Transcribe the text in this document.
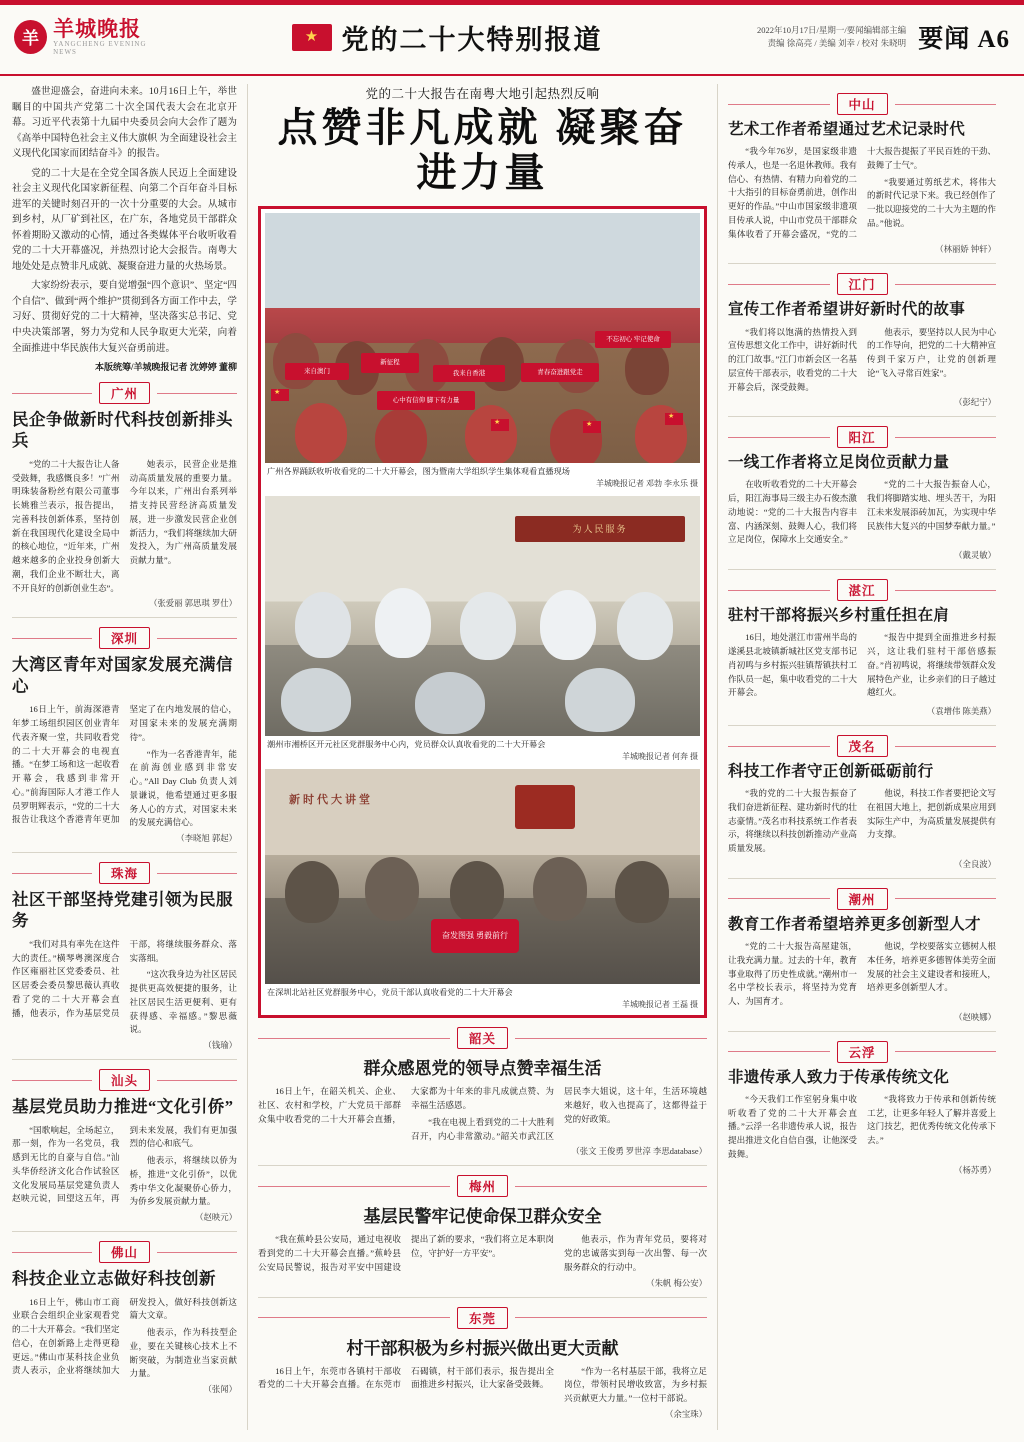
羊 羊城晚报
YANGCHENG EVENING NEWS ★	党的二十大特别报道	2022年10月17日/星期一/要闻编辑部主编
责编 徐高亮 / 美编 刘幸 / 校对 朱晓明 要闻 A6

盛世迎盛会，奋进向未来。10月16日上午，举世瞩目的中国共产党第二十次全国代表大会在北京开幕。习近平代表第十九届中央委员会向大会作了题为《高举中国特色社会主义伟大旗帜 为全面建设社会主义现代化国家而团结奋斗》的报告。

党的二十大是在全党全国各族人民迈上全面建设社会主义现代化国家新征程、向第二个百年奋斗目标进军的关键时刻召开的一次十分重要的大会。从城市到乡村，从厂矿到社区，在广东，各地党员干部群众怀着期盼又激动的心情，通过各类媒体平台收听收看党的二十大开幕盛况，并热烈讨论大会报告。南粤大地处处是点赞非凡成就、凝聚奋进力量的火热场景。

大家纷纷表示，要自觉增强“四个意识”、坚定“四个自信”、做到“两个维护”贯彻到各方面工作中去，学习好、贯彻好党的二十大精神，坚决落实总书记、党中央决策部署，努力为党和人民争取更大光荣，向着全面推进中华民族伟大复兴奋勇前进。

本版统筹/羊城晚报记者 沈婷婷 董柳
广州
民企争做新时代科技创新排头兵

“党的二十大报告让人备受鼓舞，我感慨良多！”广州明珠装备粉丝有限公司董事长姚雅兰表示，报告提出，完善科技创新体系，坚持创新在我国现代化建设全局中的核心地位，“近年来，广州越来越多的企业投身创新大潮，我们企业不断壮大，离不开良好的创新创业生态”。

她表示，民营企业是推动高质量发展的重要力量。今年以来，广州出台系列举措支持民营经济高质量发展，进一步激发民营企业创新活力，“我们将继续加大研发投入，为广州高质量发展贡献力量”。

（张爱丽 郭思琪 罗仕）
深圳
大湾区青年对国家发展充满信心

16日上午，前海深港青年梦工场组织园区创业青年代表齐聚一堂，共同收看党的二十大开幕会的电视直播。“在梦工场和这一起收看开幕会，我感到非常开心。”前海国际人才港工作人员罗明辉表示，“党的二十大报告让我这个香港青年更加坚定了在内地发展的信心，对国家未来的发展充满期待”。

“作为一名香港青年，能在前海创业感到非常安心。”All Day Club 负责人刘景谦说，他希望通过更多服务人心的方式，对国家未来的发展充满信心。

（李晓旭 郭起）
珠海
社区干部坚持党建引领为民服务

“我们对具有率先在这件大的责任。”横琴粤澳深度合作区雍丽社区党委委员、社区居委会委员黎思薇认真收看了党的二十大开幕会直播，他表示，作为基层党员干部，将继续服务群众、落实落细。

“这次我身边为社区居民提供更高效便捷的服务，让社区居民生活更便利、更有获得感、幸福感。”黎思薇说。

（钱瑜）
汕头
基层党员助力推进“文化引侨”

“国歌响起，全场起立，那一刻，作为一名党员，我感到无比的自豪与自信。”汕头华侨经济文化合作试验区文化发展局基层党建负责人赵映元说，回望这五年，再到未来发展，我们有更加强烈的信心和底气。

他表示，将继续以侨为桥，推进“文化引侨”，以优秀中华文化凝聚侨心侨力，为侨乡发展贡献力量。

（赵映元）
佛山
科技企业立志做好科技创新

16日上午，佛山市工商业联合会组织企业家观看党的二十大开幕会。“我们坚定信心，在创新路上走得更稳更远。”佛山市某科技企业负责人表示，企业将继续加大研发投入，做好科技创新这篇大文章。

他表示，作为科技型企业，要在关键核心技术上不断突破，为制造业当家贡献力量。

（张闻）
党的二十大报告在南粤大地引起热烈反响
点赞非凡成就 凝聚奋进力量
来自澳门
新征程
我来自香港	青春奋进跟党走
心中有信仰 脚下有力量
不忘初心 牢记使命
★
★
★
★
广州各界踊跃收听收看党的二十大开幕会，图为暨南大学组织学生集体观看直播现场
羊城晚报记者 邓勃 李永乐 摄
为人民服务
潮州市湘桥区开元社区党群服务中心内，党员群众认真收看党的二十大开幕会
羊城晚报记者 何奔 摄
新时代大讲堂
奋发图强 勇毅前行
在深圳北站社区党群服务中心，党员干部认真收看党的二十大开幕会
羊城晚报记者 王磊 摄
韶关
群众感恩党的领导点赞幸福生活

16日上午，在韶关机关、企业、社区、农村和学校，广大党员干部群众集中收看党的二十大开幕会直播，大家都为十年来的非凡成就点赞、为幸福生活感恩。

“我在电视上看到党的二十大胜利召开，内心非常激动。”韶关市武江区居民李大姐说，这十年，生活环境越来越好，收入也提高了，这都得益于党的好政策。

（张文 王俊勇 罗世淳 李思database）
梅州
基层民警牢记使命保卫群众安全

“我在蕉岭县公安局，通过电视收看到党的二十大开幕会直播。”蕉岭县公安局民警说，报告对平安中国建设提出了新的要求，“我们将立足本职岗位，守护好一方平安”。

他表示，作为青年党员，要将对党的忠诚落实到每一次出警、每一次服务群众的行动中。

（朱帆 梅公安）
东莞
村干部积极为乡村振兴做出更大贡献

16日上午，东莞市各镇村干部收看党的二十大开幕会直播。在东莞市石碣镇，村干部们表示，报告提出全面推进乡村振兴，让大家备受鼓舞。

“作为一名村基层干部，我将立足岗位，带领村民增收致富，为乡村振兴贡献更大力量。”一位村干部说。

（余宝珠）
中山
艺术工作者希望通过艺术记录时代

“我今年76岁，是国家级非遗传承人，也是一名退休教师。我有信心、有热情、有精力向着党的二十大指引的目标奋勇前进，创作出更好的作品。”中山市国家级非遗项目传承人说，中山市党员干部群众集体收看了开幕会盛况，“党的二十大报告提振了平民百姓的干劲、鼓舞了士气”。

“我要通过剪纸艺术，将伟大的新时代记录下来。我已经创作了一批以迎接党的二十大为主题的作品。”他说。

（林丽娇 钟轩）
江门
宣传工作者希望讲好新时代的故事

“我们将以饱满的热情投入到宣传思想文化工作中，讲好新时代的江门故事。”江门市新会区一名基层宣传干部表示，收看党的二十大开幕会后，深受鼓舞。

他表示，要坚持以人民为中心的工作导向，把党的二十大精神宣传到千家万户，让党的创新理论“飞入寻常百姓家”。

（彭纪宁）
阳江
一线工作者将立足岗位贡献力量

在收听收看党的二十大开幕会后，阳江海事局三级主办石俊杰激动地说：“党的二十大报告内容丰富、内涵深刻、鼓舞人心，我们将立足岗位，保障水上交通安全。”

“党的二十大报告振奋人心，我们将脚踏实地、埋头苦干，为阳江未来发展添砖加瓦，为实现中华民族伟大复兴的中国梦奉献力量。”

（戴灵敏）
湛江
驻村干部将振兴乡村重任担在肩

16日，地处湛江市雷州半岛的遂溪县北坡镇新城社区党支部书记肖初鸣与乡村振兴驻镇帮镇扶村工作队员一起，集中收看党的二十大开幕会。

“报告中提到全面推进乡村振兴，这让我们驻村干部倍感振奋。”肖初鸣说，将继续带领群众发展特色产业，让乡亲们的日子越过越红火。

（袁增伟 陈美燕）
茂名
科技工作者守正创新砥砺前行

“我的党的二十大报告振奋了我们奋进新征程、建功新时代的壮志豪情。”茂名市科技系统工作者表示，将继续以科技创新推动产业高质量发展。

他说，科技工作者要把论文写在祖国大地上，把创新成果应用到实际生产中，为高质量发展提供有力支撑。

（全良波）
潮州
教育工作者希望培养更多创新型人才

“党的二十大报告高屋建瓴，让我充满力量。过去的十年，教育事业取得了历史性成就。”潮州市一名中学校长表示，将坚持为党育人、为国育才。

他说，学校要落实立德树人根本任务，培养更多德智体美劳全面发展的社会主义建设者和接班人，培养更多创新型人才。

（赵映娜）
云浮
非遗传承人致力于传承传统文化

“今天我们工作室躬身集中收听收看了党的二十大开幕会直播。”云浮一名非遗传承人说，报告提出推进文化自信自强，让他深受鼓舞。

“我将致力于传承和创新传统工艺，让更多年轻人了解并喜爱上这门技艺，把优秀传统文化传承下去。”

（杨苏勇）
